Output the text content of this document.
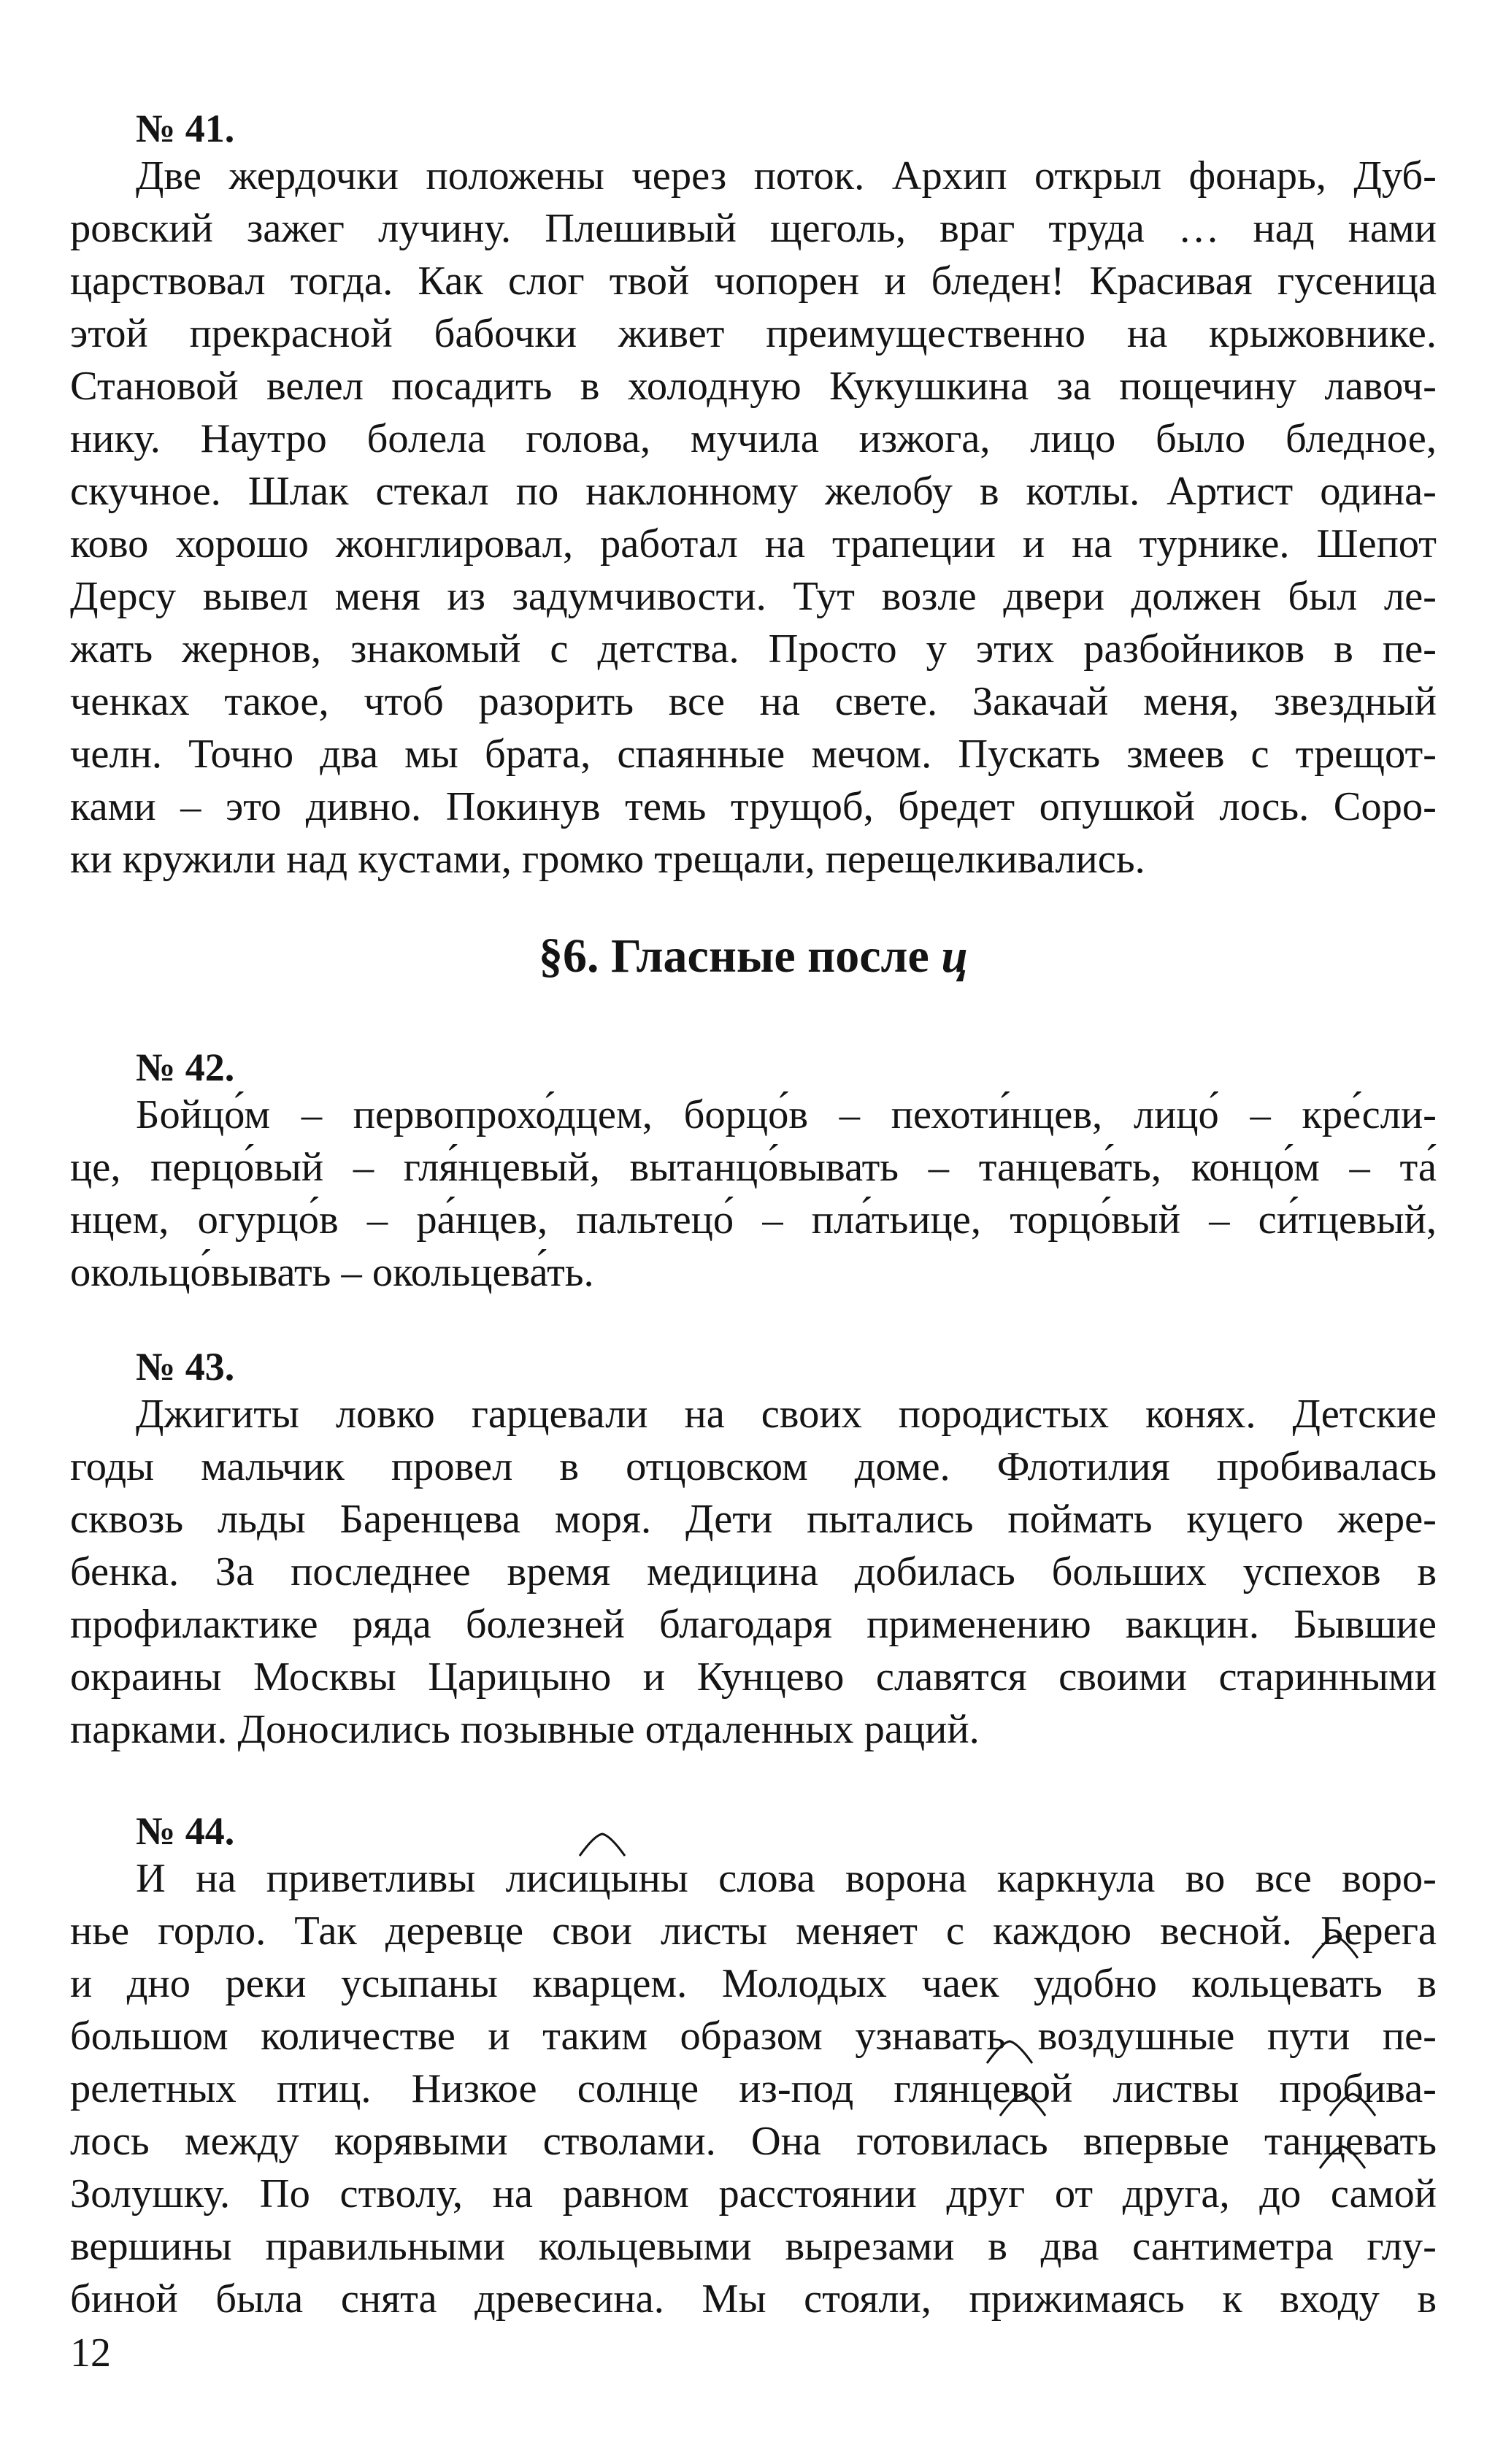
№ 41.
Две жердочки положены через поток. Архип открыл фонарь, Дуб-
ровский зажег лучину. Плешивый щеголь, враг труда … над нами
царствовал тогда. Как слог твой чопорен и бледен! Красивая гусеница
этой прекрасной бабочки живет преимущественно на крыжовнике.
Становой велел посадить в холодную Кукушкина за пощечину лавоч-
нику. Наутро болела голова, мучила изжога, лицо было бледное,
скучное. Шлак стекал по наклонному желобу в котлы. Артист одина-
ково хорошо жонглировал, работал на трапеции и на турнике. Шепот
Дерсу вывел меня из задумчивости. Тут возле двери должен был ле-
жать жернов, знакомый с детства. Просто у этих разбойников в пе-
ченках такое, чтоб разорить все на свете. Закачай меня, звездный
челн. Точно два мы брата, спаянные мечом. Пускать змеев с трещот-
ками – это дивно. Покинув темь трущоб, бредет опушкой лось. Соро-
ки кружили над кустами, громко трещали, перещелкивались.
§6. Гласные после ц
№ 42.
Бойцо́м – первопрохо́дцем, борцо́в – пехоти́нцев, лицо́ – кре́сли-
це, перцо́вый – гля́нцевый, вытанцо́вывать – танцева́ть, концо́м – та́
нцем, огурцо́в – ра́нцев, пальтецо́ – пла́тьице, торцо́вый – си́тцевый,
окольцо́вывать – окольцева́ть.
№ 43.
Джигиты ловко гарцевали на своих породистых конях. Детские
годы мальчик провел в отцовском доме. Флотилия пробивалась
сквозь льды Баренцева моря. Дети пытались поймать куцего жере-
бенка. За последнее время медицина добилась больших успехов в
профилактике ряда болезней благодаря применению вакцин. Бывшие
окраины Москвы Царицыно и Кунцево славятся своими старинными
парками. Доносились позывные отдаленных раций.
№ 44.
И на приветливы лисицыны слова ворона каркнула во все воро-
нье горло. Так деревце свои листы меняет с каждою весной. Берега
и дно реки усыпаны кварцем. Молодых чаек удобно кольцевать в
большом количестве и таким образом узнавать воздушные пути пе-
релетных птиц. Низкое солнце из-под глянцевой листвы пробива-
лось между корявыми стволами. Она готовилась впервые танцевать
Золушку. По стволу, на равном расстоянии друг от друга, до самой
вершины правильными кольцевыми вырезами в два сантиметра глу-
биной была снята древесина. Мы стояли, прижимаясь к входу в
12
